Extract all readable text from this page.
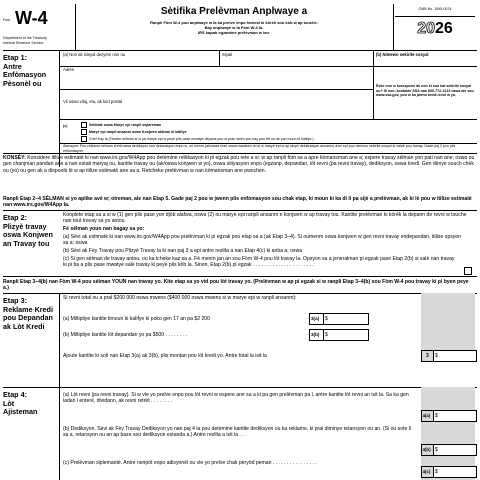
Fòm W-4
Department of the Treasury
Internal Revenue Service
Sètifika Prelèvman Anplwaye a
Ranpli Fòm W-4 pou anplwayè w la ka prelve enpo federal ki kòrèk sou kòb w ap touche.
Bay anplwayè w la Fòm W-4 la.
IRS kapab egzamine prelèvman w lan.
OMB No. 1545-0074
2026
Etap 1:
Antre Enfòmasyon Pèsonèl ou
(a) Non ak inisyal dezyèm non ou	Siyati	(b) Nimewo sekirite sosyal
Adrès
Vil oswa vilaj, eta, ak kòd postal
Èske non w koresponn ak non ki sou kat sekirite sosyal ou? Si non, kontakte SSA nan 800-772-1213 oswa ale sou www.ssa.gov, pou w ka jwenn kredi revni w yo.
(c)	Selibatè oswa Marye epi ranpli separeman
Marye epi ranpli ansanm oswa Konjwen aktivan ki kalifye
Chef Kay la (Tcheke sèlman si w pa marye epi w peye plis pase mwatye depans pou w pran swen yon kay pou tèt ou ak yon moun ki kalifye.)
Atansyon: Pou reklame sèlman kredi oswa dediksyon sou dekarasyon enpo w, ou menm (ak/oswa mari oswa madanm ou si w marye epi w ap ranpli deklarasyon ansanm) dwe epi pou nimewo sekirite sosyal ki valab pou travay. Gade paj 2 pou plis enfòmasyon.
KONSÈY: Konsidere itilize estimatè ki nan www.irs.gov/W4App pou detèmine relèkasyon ki pi egzak pou rete a si: w ap ranpli fòm sa a apre kòmansman ane a; espere travay sèlman yon pati nan ane; oswa ou gen chanjman pandan ane a nan estati maryaj ou, kantite travay ou (ak/oswa konjwen w yo), oswa sitiyasyon enpo (egzanp, depandan, lòt revni (pa revni travay), dediksyon, oswa kredi. Gen dènye souch chèk ou (yo) ou gen ak a disponib lè w ap itilize estimatè ane sa a. Retcheke prelèvman w nan kòmansman ane pwochen.
Ranpli Etap 2–4 SÈLMAN si yo aplike avè w; otreman, ale nan Etap 5. Gade paj 2 pou w jwenn plis enfòmasyon sou chak etap, ki moun ki ka di li pa sijè a prelèvman, ak ki lè pou w itilize estimatè nan www.irs.gov/W4App la.
Etap 2:
Plizyè travay oswa Konjwen an Travay tou
Konplete etap sa a si w (1) gen plis pase yon djòb alafwa, oswa (2) ou marye epi ranpli ansanm e konjwen w ap travay tou. Kantite prelèvman ki kòrèk la depann de revni w touche nan tout travay sa yo antou.
Fè sèlman youn nan bagay sa yo:
(a) Sèvi ak estimatè ki nan www.irs.gov/W4App pou prelèvman ki pi egzak pou etap sa a (ak Etap 3–4). Si oumenm oswa konjwen w gen revni travay endepandan, itilize opsyon sa a; oswa
(b) Sèvi ak Fèy Travay pou Plizyè Travay la ki nan paj 3 a epi antre rezilta a nan Etap 4(c) ki anba a; oswa
(c) Si gen sèlman de travay antou, ou ka tcheke kaz sa a. Fè menm jan an sou Fòm W-4 pou lòt travay la. Opsyon sa a jeneralman pi egzak pase Etap 2(b) si salè nan travay ki pi ba a plis pase mwatye salè travay ki peye plis kòb la. Sinon, Etap 2(b) pi egzak . . . . . . . . . . . . . . . . . . . . . .
Ranpli Etap 3–4(b) nan Fòm W-4 pou sèlman YOUN nan travay yo. Kite etap sa yo vid pou lòt travay yo. (Prelèvman w ap pi egzak si w ranpli Etap 3–4(b) sou Fòm W-4 pou travay ki pi byen peye a.)
Etap 3:
Reklame Kredi pou Depandan ak Lòt Kredi
Si revni total ou a pral $200 000 oswa mwens ($400 000 oswa mwens si w marye epi w ranpli ansanm):
(a) Miltipliye kantite timoun ki kalifye ki poko gen 17 an pa $2 200	3(a) $
(b) Miltipliye kantite lòt depandan yo pa $500 . . . . . . . .	3(b) $
Ajoute kantite ki soti nan Etap 3(a) ak 3(b), plis montan pou lòt kredi yo. Antre total la isit la	3 $
Etap 4:
Lòt Ajisteman
(a) Lòt revni (pa revni travay). Si w vle yo prelve enpo pou lòt revni w espere ane sa a ki pa gen prelèvman pa l, antre kantite lòt revni an isit la. Sa ka gen ladan l enterè, dividann, ak revni retrèt . . . . . . . .
4(a) $
(b) Dediksyon. Sèvi ak Fèy Travay Dediksyon yo nan paj 4 la pou detèmine kantite dediksyon ou ka reklame, ki pral diminye retansyon ou an. (Si ou sote li sa a, retansyon ou an ap baze sou dediksyon estanda a.) Antre rezilta a isit la . . .
4(b) $
(c) Prelèvman siplemantè. Antre nenpòt enpo adisyonèl ou vle yo prelve chak peryòd peman . . . . . . . . . . . . . . . .
4(c) $
